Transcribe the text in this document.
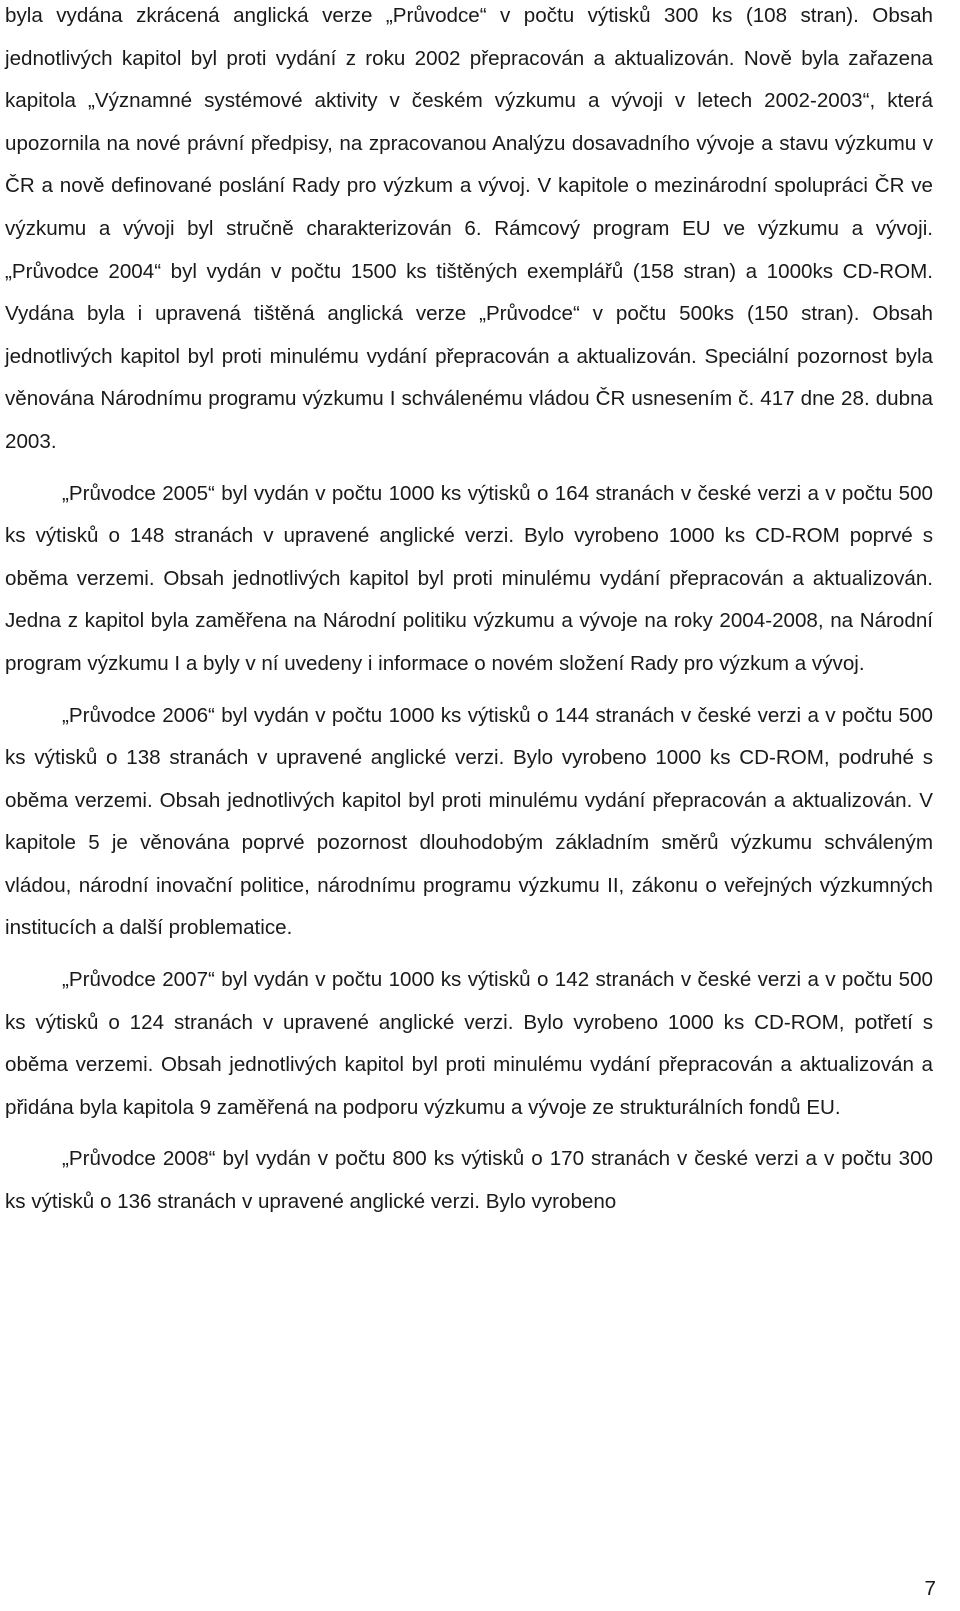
byla vydána zkrácená anglická verze „Průvodce“ v počtu výtisků 300 ks (108 stran). Obsah jednotlivých kapitol byl proti vydání z roku 2002 přepracován a aktualizován. Nově byla zařazena kapitola „Významné systémové aktivity v českém výzkumu a vývoji v letech 2002-2003“, která upozornila na nové právní předpisy, na zpracovanou Analýzu dosavadního vývoje a stavu výzkumu v ČR a nově definované poslání Rady pro výzkum a vývoj. V kapitole o mezinárodní spolupráci ČR ve výzkumu a vývoji byl stručně charakterizován 6. Rámcový program EU ve výzkumu a vývoji. „Průvodce 2004“ byl vydán v počtu 1500 ks tištěných exemplářů (158 stran) a 1000ks CD-ROM. Vydána byla i upravená tištěná anglická verze „Průvodce“ v počtu 500ks (150 stran). Obsah jednotlivých kapitol byl proti minulému vydání přepracován a aktualizován. Speciální pozornost byla věnována Národnímu programu výzkumu I schválenému vládou ČR usnesením č. 417 dne 28. dubna 2003.

„Průvodce 2005“ byl vydán v počtu 1000 ks výtisků o 164 stranách v české verzi a v počtu 500 ks výtisků o 148 stranách v upravené anglické verzi. Bylo vyrobeno 1000 ks CD-ROM poprvé s oběma verzemi. Obsah jednotlivých kapitol byl proti minulému vydání přepracován a aktualizován. Jedna z kapitol byla zaměřena na Národní politiku výzkumu a vývoje na roky 2004-2008, na Národní program výzkumu I a byly v ní uvedeny i informace o novém složení Rady pro výzkum a vývoj.

„Průvodce 2006“ byl vydán v počtu 1000 ks výtisků o 144 stranách v české verzi a v počtu 500 ks výtisků o 138 stranách v upravené anglické verzi. Bylo vyrobeno 1000 ks CD-ROM, podruhé s oběma verzemi. Obsah jednotlivých kapitol byl proti minulému vydání přepracován a aktualizován. V kapitole 5 je věnována poprvé pozornost dlouhodobým základním směrů výzkumu schváleným vládou, národní inovační politice, národnímu programu výzkumu II, zákonu o veřejných výzkumných institucích a další problematice.

„Průvodce 2007“ byl vydán v počtu 1000 ks výtisků o 142 stranách v české verzi a v počtu 500 ks výtisků o 124 stranách v upravené anglické verzi. Bylo vyrobeno 1000 ks CD-ROM, potřetí s oběma verzemi. Obsah jednotlivých kapitol byl proti minulému vydání přepracován a aktualizován a přidána byla kapitola 9 zaměřená na podporu výzkumu a vývoje ze strukturálních fondů EU.

„Průvodce 2008“ byl vydán v počtu 800 ks výtisků o 170 stranách v české verzi a v počtu 300 ks výtisků o 136 stranách v upravené anglické verzi. Bylo vyrobeno

7
